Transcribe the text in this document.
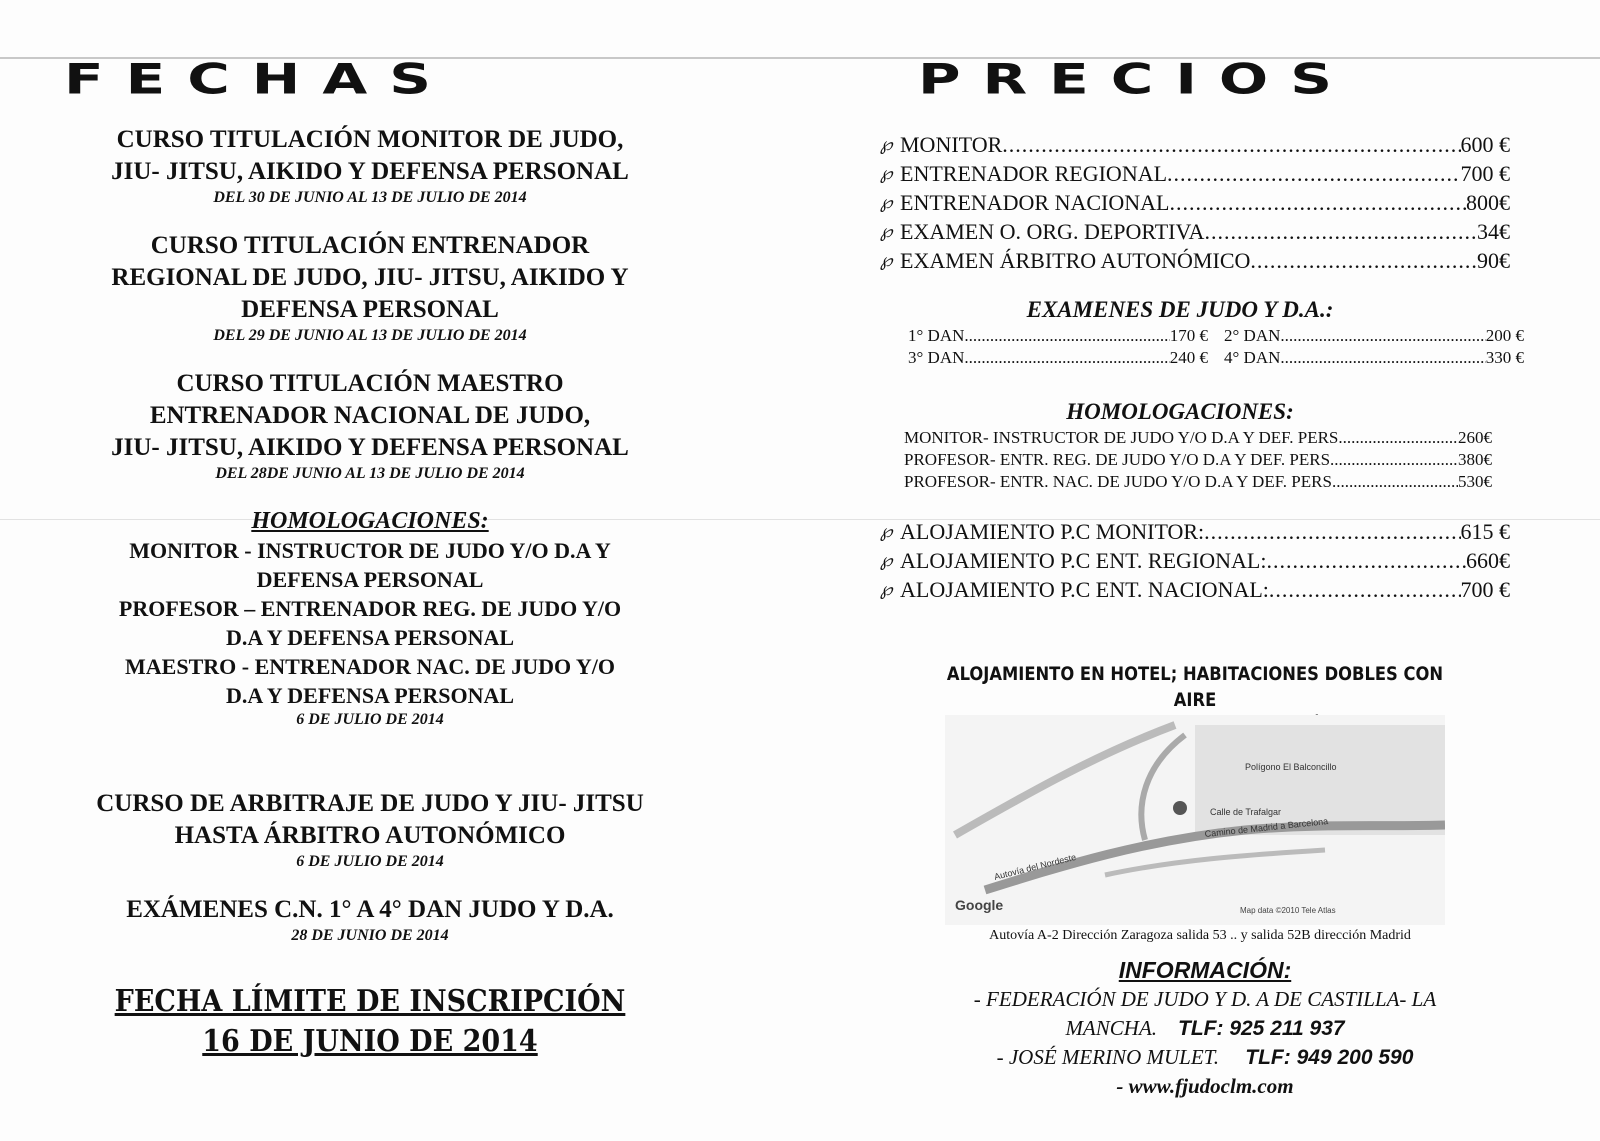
FECHAS	PRECIOS
CURSO TITULACIÓN MONITOR DE JUDO,
JIU- JITSU, AIKIDO Y DEFENSA PERSONAL
DEL 30 DE JUNIO AL 13 DE JULIO DE 2014
CURSO TITULACIÓN ENTRENADOR
REGIONAL DE JUDO, JIU- JITSU, AIKIDO Y
DEFENSA PERSONAL
DEL 29 DE JUNIO AL 13 DE JULIO DE 2014
CURSO TITULACIÓN MAESTRO
ENTRENADOR NACIONAL DE JUDO,
JIU- JITSU, AIKIDO Y DEFENSA PERSONAL
DEL 28DE JUNIO AL 13 DE JULIO DE 2014
HOMOLOGACIONES:
MONITOR - INSTRUCTOR DE JUDO Y/O D.A Y
DEFENSA PERSONAL
PROFESOR – ENTRENADOR REG. DE JUDO Y/O
D.A Y DEFENSA PERSONAL
MAESTRO - ENTRENADOR NAC. DE JUDO Y/O
D.A Y DEFENSA PERSONAL
6 DE JULIO DE 2014
CURSO DE ARBITRAJE DE JUDO Y JIU- JITSU
HASTA ÁRBITRO AUTONÓMICO
6 DE JULIO DE 2014
EXÁMENES C.N. 1° A 4° DAN JUDO Y D.A.
28 DE JUNIO DE 2014
FECHA LÍMITE DE INSCRIPCIÓN
16 DE JUNIO DE 2014
℘ MONITOR .....	600 €
℘ ENTRENADOR REGIONAL .....	700 €
℘ ENTRENADOR NACIONAL .....	800€
℘ EXAMEN O. ORG. DEPORTIVA .....	34€
℘ EXAMEN ÁRBITRO AUTONÓMICO .....	90€
EXAMENES DE JUDO Y D.A.:
1° DAN .....	170 € 2° DAN .....	200 €
3° DAN .....	240 € 4° DAN .....	330 €
HOMOLOGACIONES:
MONITOR- INSTRUCTOR DE JUDO Y/O D.A Y DEF. PERS .....	260€
PROFESOR- ENTR. REG. DE JUDO Y/O D.A Y DEF. PERS .....	380€
PROFESOR- ENTR. NAC. DE JUDO Y/O D.A Y DEF. PERS .....	530€
℘ ALOJAMIENTO P.C MONITOR: .....	615 €
℘ ALOJAMIENTO P.C ENT. REGIONAL: .....	660€
℘ ALOJAMIENTO P.C ENT. NACIONAL: .....	700 €
ALOJAMIENTO EN HOTEL; HABITACIONES DOBLES CON AIRE
Camino de Madrid a Barcelona
Calle de Trafalgar
Polígono El Balconcillo
Autovía del Nordeste
Google	Map data ©2010 Tele Atlas
Autovía A-2 Dirección Zaragoza salida 53 .. y salida 52B dirección Madrid
INFORMACIÓN:
- FEDERACIÓN DE JUDO Y D. A DE CASTILLA- LA
MANCHA. TLF: 925 211 937
- JOSÉ MERINO MULET. TLF: 949 200 590
- www.fjudoclm.com
